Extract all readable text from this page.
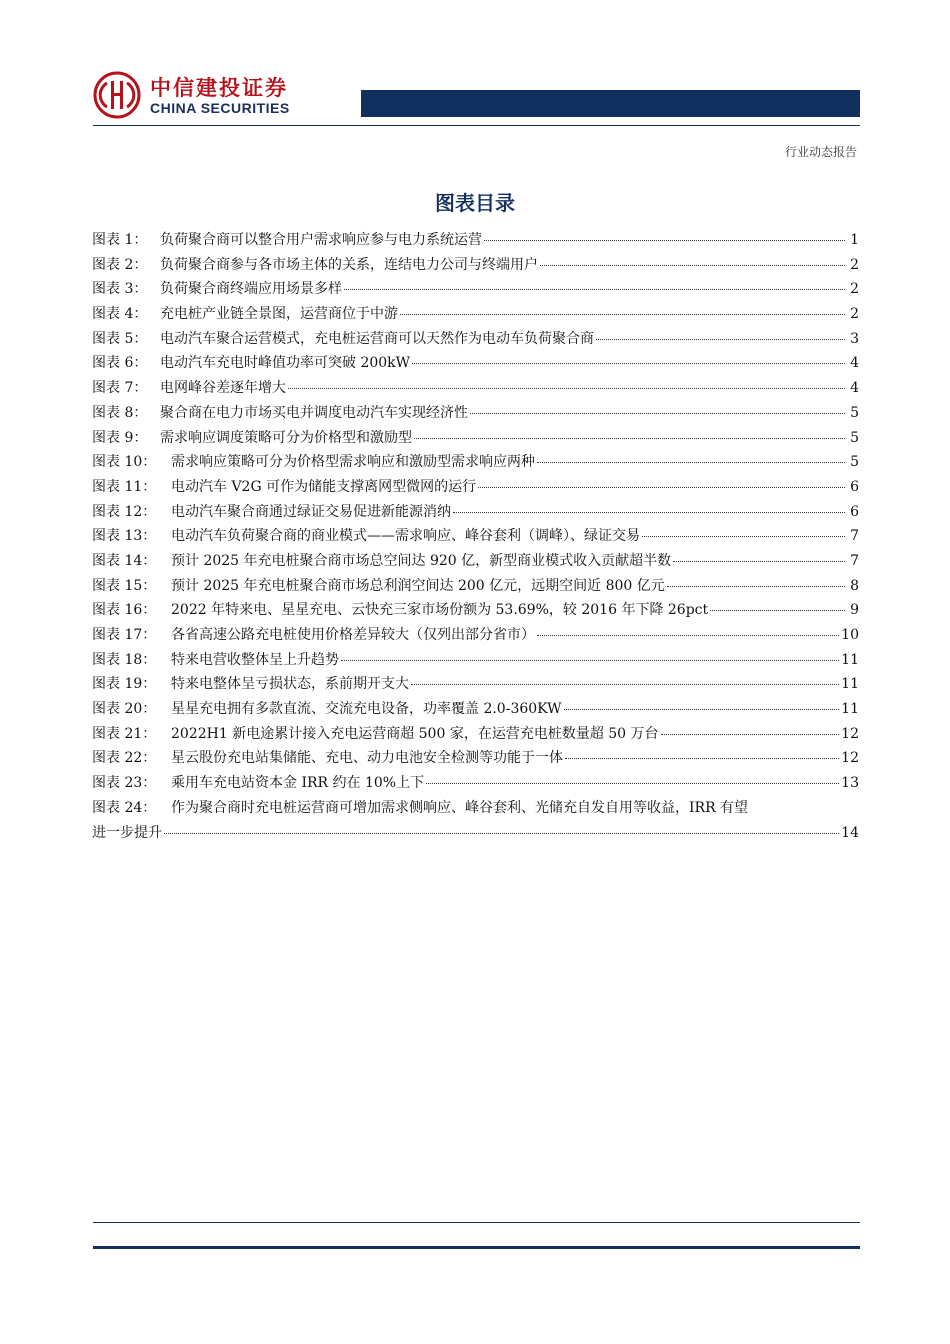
中信建投证券
CHINA SECURITIES
行业动态报告
图表目录
图表 1： 负荷聚合商可以整合用户需求响应参与电力系统运营	1
图表 2： 负荷聚合商参与各市场主体的关系，连结电力公司与终端用户	2
图表 3： 负荷聚合商终端应用场景多样	2
图表 4： 充电桩产业链全景图，运营商位于中游	2
图表 5： 电动汽车聚合运营模式，充电桩运营商可以天然作为电动车负荷聚合商	3
图表 6： 电动汽车充电时峰值功率可突破 200kW	4
图表 7： 电网峰谷差逐年增大	4
图表 8： 聚合商在电力市场买电并调度电动汽车实现经济性	5
图表 9： 需求响应调度策略可分为价格型和激励型	5
图表 10：	需求响应策略可分为价格型需求响应和激励型需求响应两种	5
图表 11：	电动汽车 V2G 可作为储能支撑离网型微网的运行	6
图表 12：	电动汽车聚合商通过绿证交易促进新能源消纳	6
图表 13：	电动汽车负荷聚合商的商业模式——需求响应、峰谷套利（调峰）、绿证交易	7
图表 14：	预计 2025 年充电桩聚合商市场总空间达 920 亿，新型商业模式收入贡献超半数	7
图表 15：	预计 2025 年充电桩聚合商市场总利润空间达 200 亿元，远期空间近 800 亿元	8
图表 16：	2022 年特来电、星星充电、云快充三家市场份额为 53.69%，较 2016 年下降 26pct	9
图表 17：	各省高速公路充电桩使用价格差异较大（仅列出部分省市）	10
图表 18：	特来电营收整体呈上升趋势	11
图表 19：	特来电整体呈亏损状态，系前期开支大	11
图表 20：	星星充电拥有多款直流、交流充电设备，功率覆盖 2.0-360KW	11
图表 21：	2022H1 新电途累计接入充电运营商超 500 家，在运营充电桩数量超 50 万台	12
图表 22：	星云股份充电站集储能、充电、动力电池安全检测等功能于一体	12
图表 23：	乘用车充电站资本金 IRR 约在 10%上下	13
图表 24：	作为聚合商时充电桩运营商可增加需求侧响应、峰谷套利、光储充自发自用等收益，IRR 有望
进一步提升	14
